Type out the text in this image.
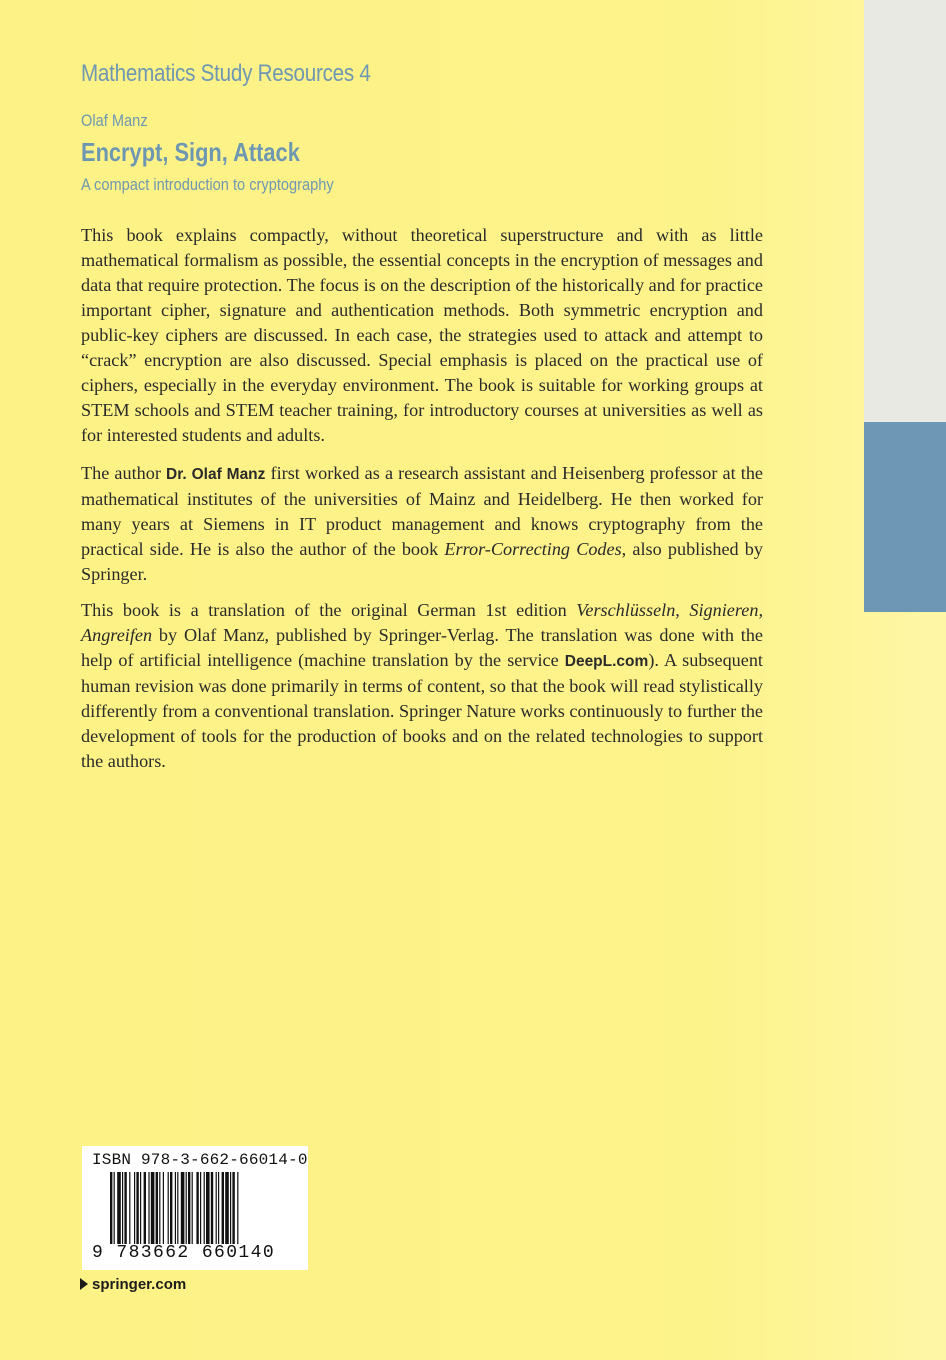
Mathematics Study Resources 4
Olaf Manz
Encrypt, Sign, Attack
A compact introduction to cryptography

This book explains compactly, without theoretical superstructure and with as little mathematical formalism as possible, the essential concepts in the encryption of messages and data that require protection. The focus is on the description of the historically and for practice important cipher, signature and authentication methods. Both symmetric encryption and public-key ciphers are discussed. In each case, the strategies used to attack and attempt to “crack” encryption are also discussed. Special emphasis is placed on the practical use of ciphers, especially in the everyday environment. The book is suitable for working groups at STEM schools and STEM teacher training, for introductory courses at universities as well as for interested students and adults.

The author Dr. Olaf Manz first worked as a research assistant and Heisenberg professor at the mathematical institutes of the universities of Mainz and Heidelberg. He then worked for many years at Siemens in IT product management and knows cryptography from the practical side. He is also the author of the book Error-Correcting Codes, also published by Springer.

This book is a translation of the original German 1st edition Verschlüsseln, Signieren, Angreifen by Olaf Manz, published by Springer-Verlag. The translation was done with the help of artificial intelligence (machine translation by the service DeepL.com). A subsequent human revision was done primarily in terms of content, so that the book will read stylistically differently from a conventional translation. Springer Nature works continuously to further the development of tools for the production of books and on the related technologies to support the authors.

ISBN 978-3-662-66014-0
9 783662 660140
springer.com
